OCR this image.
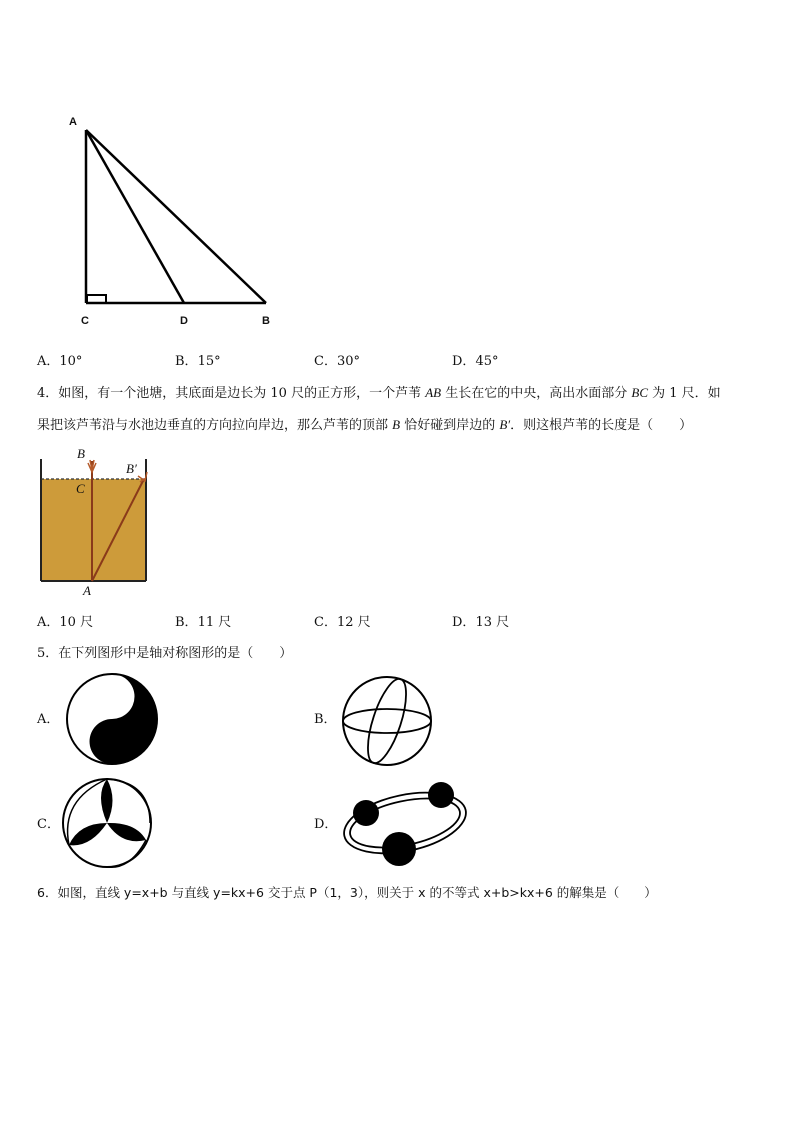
A
C	D	B
A．10°	B．15°	C．30°	D．45°
4．如图，有一个池塘，其底面是边长为 10 尺的正方形，一个芦苇 AB 生长在它的中央，高出水面部分 BC 为 1 尺．如
果把该芦苇沿与水池边垂直的方向拉向岸边，那么芦苇的顶部 B 恰好碰到岸边的 B′．则这根芦苇的长度是（　　）
B
B′
C
A
A．10 尺	B．11 尺	C．12 尺	D．13 尺
5．在下列图形中是轴对称图形的是（　　）
A．	B．
C．	D．
6．如图，直线 y=x+b 与直线 y=kx+6 交于点 P（1，3），则关于 x 的不等式 x+b>kx+6 的解集是（　　）
